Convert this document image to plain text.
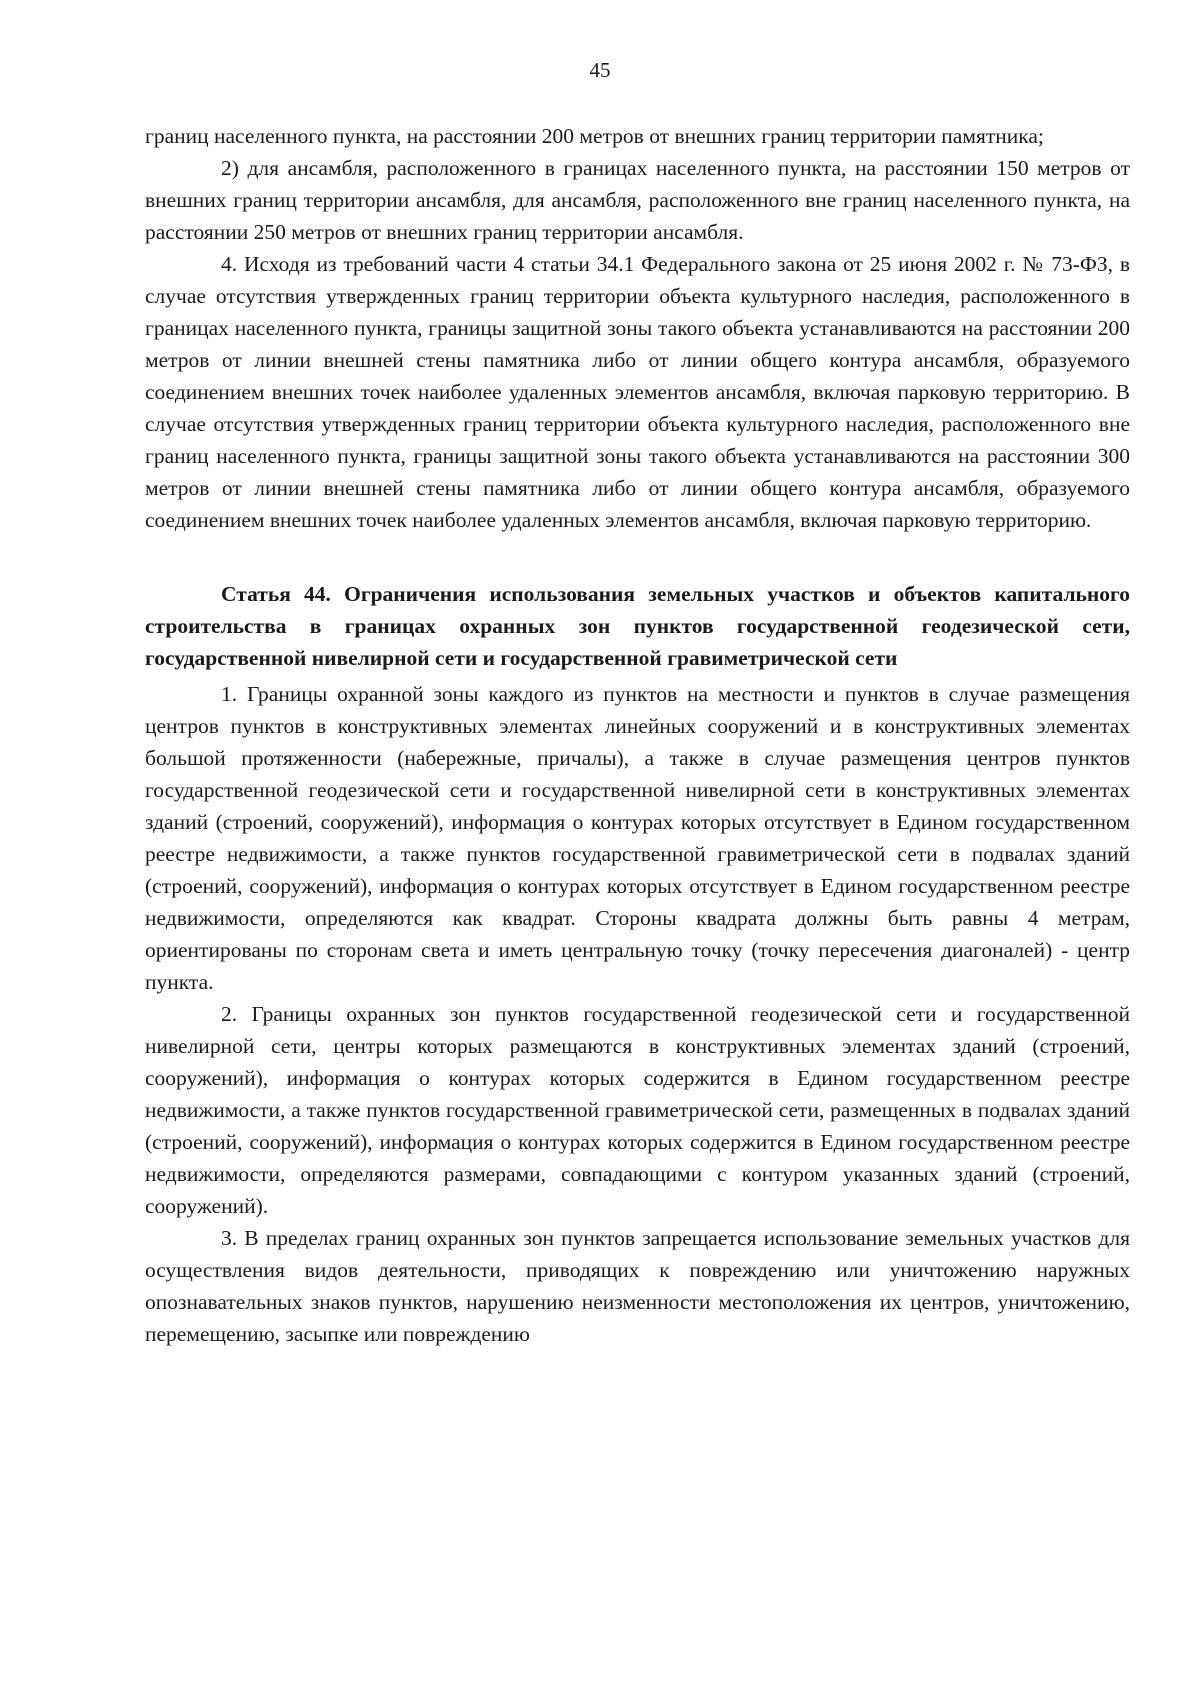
45

границ населенного пункта, на расстоянии 200 метров от внешних границ территории памятника;

2) для ансамбля, расположенного в границах населенного пункта, на расстоянии 150 метров от внешних границ территории ансамбля, для ансамбля, расположенного вне границ населенного пункта, на расстоянии 250 метров от внешних границ территории ансамбля.

4. Исходя из требований части 4 статьи 34.1 Федерального закона от 25 июня 2002 г. № 73-ФЗ, в случае отсутствия утвержденных границ территории объекта культурного наследия, расположенного в границах населенного пункта, границы защитной зоны такого объекта устанавливаются на расстоянии 200 метров от линии внешней стены памятника либо от линии общего контура ансамбля, образуемого соединением внешних точек наиболее удаленных элементов ансамбля, включая парковую территорию. В случае отсутствия утвержденных границ территории объекта культурного наследия, расположенного вне границ населенного пункта, границы защитной зоны такого объекта устанавливаются на расстоянии 300 метров от линии внешней стены памятника либо от линии общего контура ансамбля, образуемого соединением внешних точек наиболее удаленных элементов ансамбля, включая парковую территорию.

Статья 44. Ограничения использования земельных участков и объектов капитального строительства в границах охранных зон пунктов государственной геодезической сети, государственной нивелирной сети и государственной гравиметрической сети

1. Границы охранной зоны каждого из пунктов на местности и пунктов в случае размещения центров пунктов в конструктивных элементах линейных сооружений и в конструктивных элементах большой протяженности (набережные, причалы), а также в случае размещения центров пунктов государственной геодезической сети и государственной нивелирной сети в конструктивных элементах зданий (строений, сооружений), информация о контурах которых отсутствует в Едином государственном реестре недвижимости, а также пунктов государственной гравиметрической сети в подвалах зданий (строений, сооружений), информация о контурах которых отсутствует в Едином государственном реестре недвижимости, определяются как квадрат. Стороны квадрата должны быть равны 4 метрам, ориентированы по сторонам света и иметь центральную точку (точку пересечения диагоналей) - центр пункта.

2. Границы охранных зон пунктов государственной геодезической сети и государственной нивелирной сети, центры которых размещаются в конструктивных элементах зданий (строений, сооружений), информация о контурах которых содержится в Едином государственном реестре недвижимости, а также пунктов государственной гравиметрической сети, размещенных в подвалах зданий (строений, сооружений), информация о контурах которых содержится в Едином государственном реестре недвижимости, определяются размерами, совпадающими с контуром указанных зданий (строений, сооружений).

3. В пределах границ охранных зон пунктов запрещается использование земельных участков для осуществления видов деятельности, приводящих к повреждению или уничтожению наружных опознавательных знаков пунктов, нарушению неизменности местоположения их центров, уничтожению, перемещению, засыпке или повреждению
